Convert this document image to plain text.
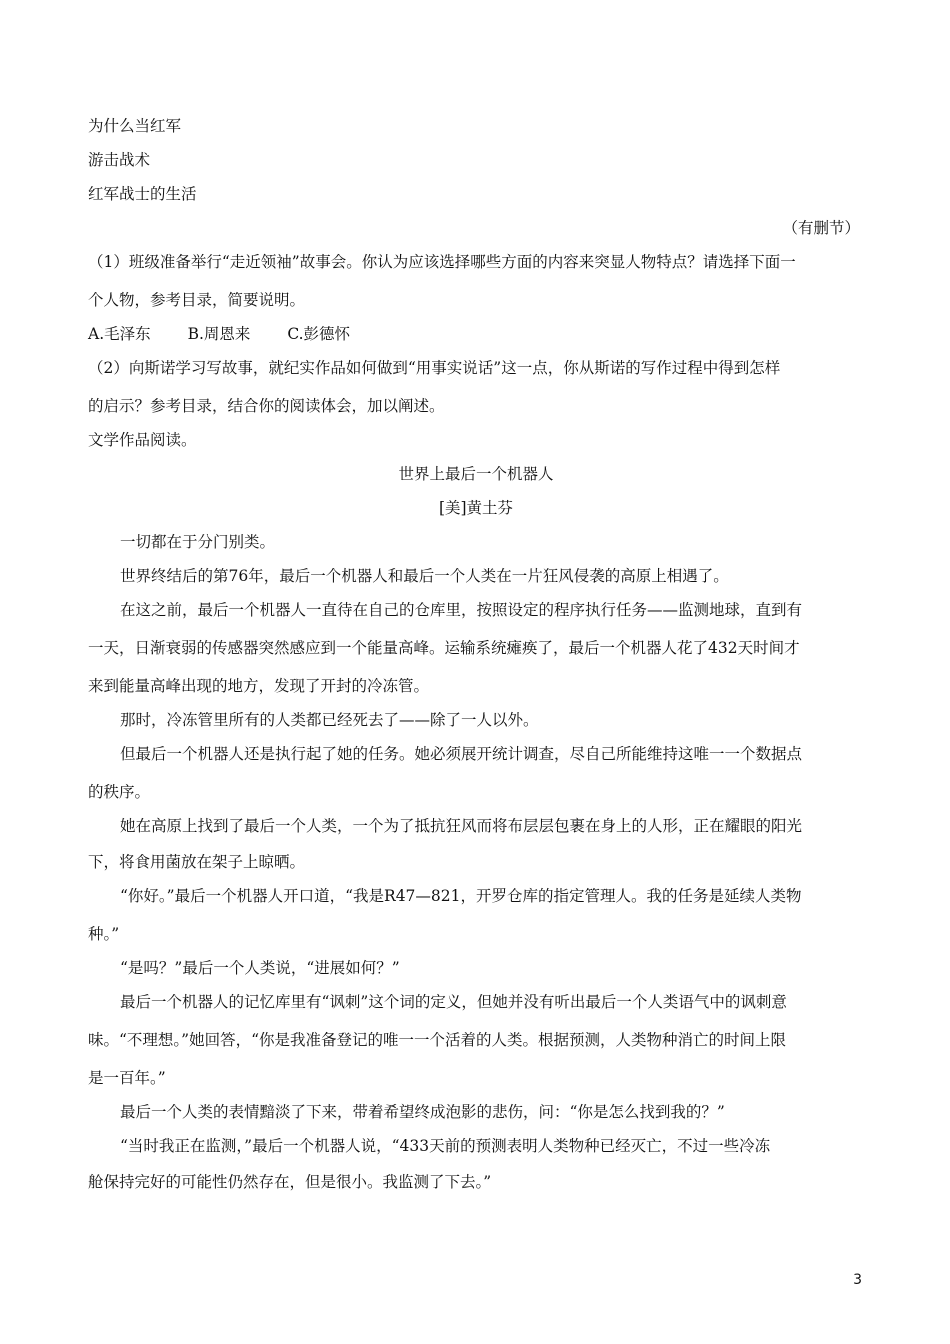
为什么当红军
游击战术
红军战士的生活
（有删节）
（1）班级准备举行“走近领袖”故事会。你认为应该选择哪些方面的内容来突显人物特点？请选择下面一
个人物，参考目录，简要说明。
A.毛泽东 B.周恩来 C.彭德怀
（2）向斯诺学习写故事，就纪实作品如何做到“用事实说话”这一点，你从斯诺的写作过程中得到怎样
的启示？参考目录，结合你的阅读体会，加以阐述。
文学作品阅读。
世界上最后一个机器人
[美]黄土芬
一切都在于分门别类。
世界终结后的第76年，最后一个机器人和最后一个人类在一片狂风侵袭的高原上相遇了。
在这之前，最后一个机器人一直待在自己的仓库里，按照设定的程序执行任务——监测地球，直到有
一天，日渐衰弱的传感器突然感应到一个能量高峰。运输系统瘫痪了，最后一个机器人花了432天时间才
来到能量高峰出现的地方，发现了开封的冷冻管。
那时，冷冻管里所有的人类都已经死去了——除了一人以外。
但最后一个机器人还是执行起了她的任务。她必须展开统计调查，尽自己所能维持这唯一一个数据点
的秩序。
她在高原上找到了最后一个人类，一个为了抵抗狂风而将布层层包裹在身上的人形，正在耀眼的阳光
下，将食用菌放在架子上晾晒。
“你好。”最后一个机器人开口道，“我是R47—821，开罗仓库的指定管理人。我的任务是延续人类物
种。”
“是吗？”最后一个人类说，“进展如何？”
最后一个机器人的记忆库里有“讽刺”这个词的定义，但她并没有听出最后一个人类语气中的讽刺意
味。“不理想。”她回答，“你是我准备登记的唯一一个活着的人类。根据预测，人类物种消亡的时间上限
是一百年。”
最后一个人类的表情黯淡了下来，带着希望终成泡影的悲伤，问：“你是怎么找到我的？”
“当时我正在监测，”最后一个机器人说，“433天前的预测表明人类物种已经灭亡，不过一些冷冻
舱保持完好的可能性仍然存在，但是很小。我监测了下去。”
3
